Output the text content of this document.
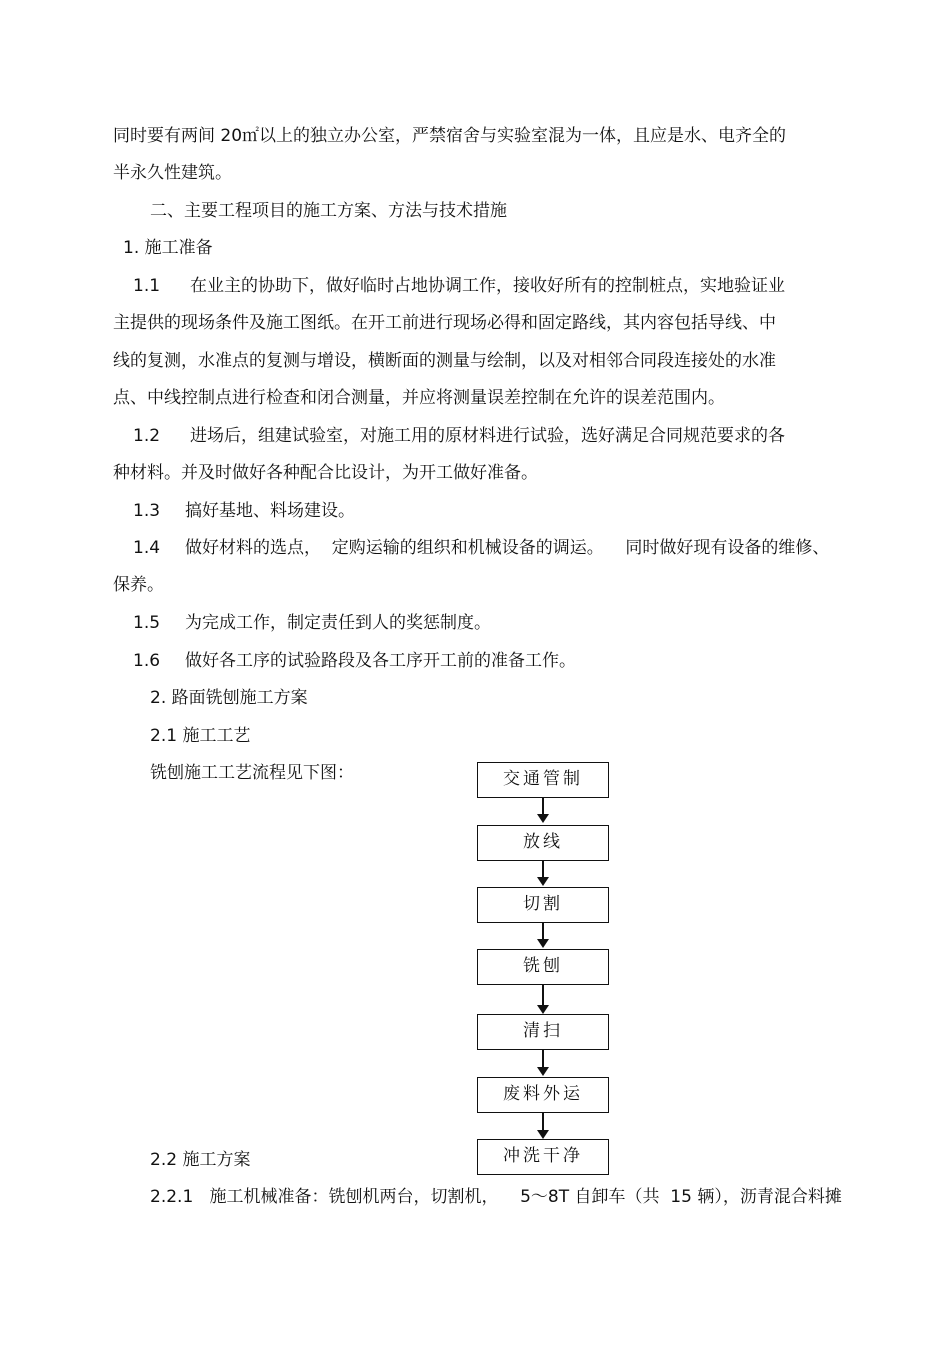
同时要有两间 20㎡以上的独立办公室，严禁宿舍与实验室混为一体，且应是水、电齐全的
半永久性建筑。
二、主要工程项目的施工方案、方法与技术措施
1. 施工准备
1.1 在业主的协助下，做好临时占地协调工作，接收好所有的控制桩点，实地验证业
主提供的现场条件及施工图纸。在开工前进行现场必得和固定路线，其内容包括导线、中
线的复测，水准点的复测与增设，横断面的测量与绘制，以及对相邻合同段连接处的水准
点、中线控制点进行检查和闭合测量，并应将测量误差控制在允许的误差范围内。
1.2 进场后，组建试验室，对施工用的原材料进行试验，选好满足合同规范要求的各
种材料。并及时做好各种配合比设计，为开工做好准备。
1.3 搞好基地、料场建设。
1.4 做好材料的选点，  定购运输的组织和机械设备的调运。    同时做好现有设备的维修、
保养。
1.5 为完成工作，制定责任到人的奖惩制度。
1.6 做好各工序的试验路段及各工序开工前的准备工作。
2. 路面铣刨施工方案
2.1 施工工艺
铣刨施工工艺流程见下图：	交通管制
放线
切割
铣刨
清扫
废料外运
冲洗干净
2.2 施工方案
2.2.1   施工机械准备：铣刨机两台，切割机，    5～8T 自卸车（共  15 辆），沥青混合料摊
